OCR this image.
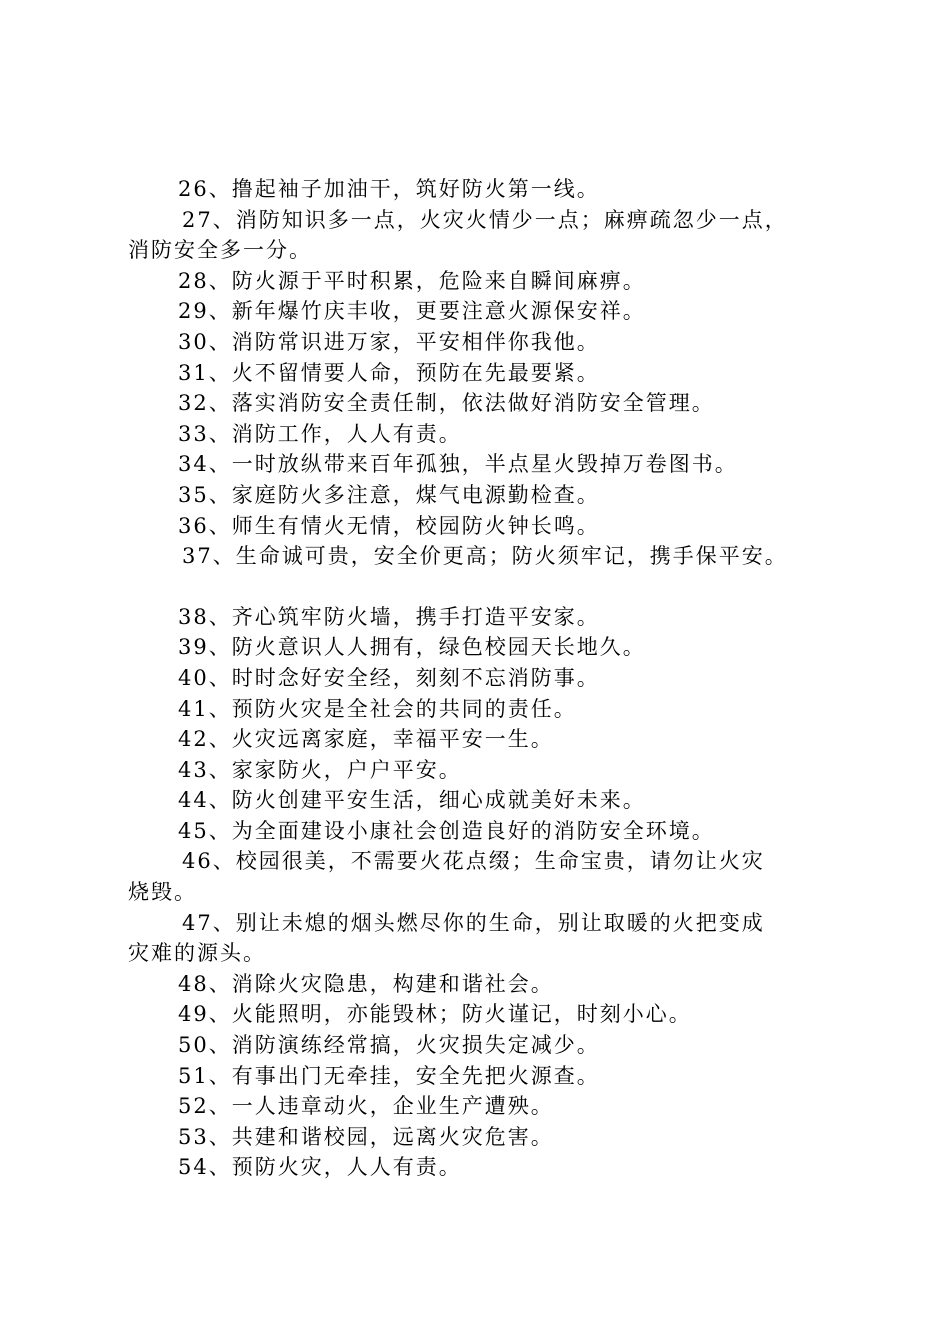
26、撸起袖子加油干，筑好防火第一线。
27、消防知识多一点，火灾火情少一点；麻痹疏忽少一点，
消防安全多一分。
28、防火源于平时积累，危险来自瞬间麻痹。
29、新年爆竹庆丰收，更要注意火源保安祥。
30、消防常识进万家，平安相伴你我他。
31、火不留情要人命，预防在先最要紧。
32、落实消防安全责任制，依法做好消防安全管理。
33、消防工作，人人有责。
34、一时放纵带来百年孤独，半点星火毁掉万卷图书。
35、家庭防火多注意，煤气电源勤检查。
36、师生有情火无情，校园防火钟长鸣。
37、生命诚可贵，安全价更高；防火须牢记，携手保平安。
38、齐心筑牢防火墙，携手打造平安家。
39、防火意识人人拥有，绿色校园天长地久。
40、时时念好安全经，刻刻不忘消防事。
41、预防火灾是全社会的共同的责任。
42、火灾远离家庭，幸福平安一生。
43、家家防火，户户平安。
44、防火创建平安生活，细心成就美好未来。
45、为全面建设小康社会创造良好的消防安全环境。
46、校园很美，不需要火花点缀；生命宝贵，请勿让火灾
烧毁。
47、别让未熄的烟头燃尽你的生命，别让取暖的火把变成
灾难的源头。
48、消除火灾隐患，构建和谐社会。
49、火能照明，亦能毁林；防火谨记，时刻小心。
50、消防演练经常搞，火灾损失定减少。
51、有事出门无牵挂，安全先把火源查。
52、一人违章动火，企业生产遭殃。
53、共建和谐校园，远离火灾危害。
54、预防火灾，人人有责。
